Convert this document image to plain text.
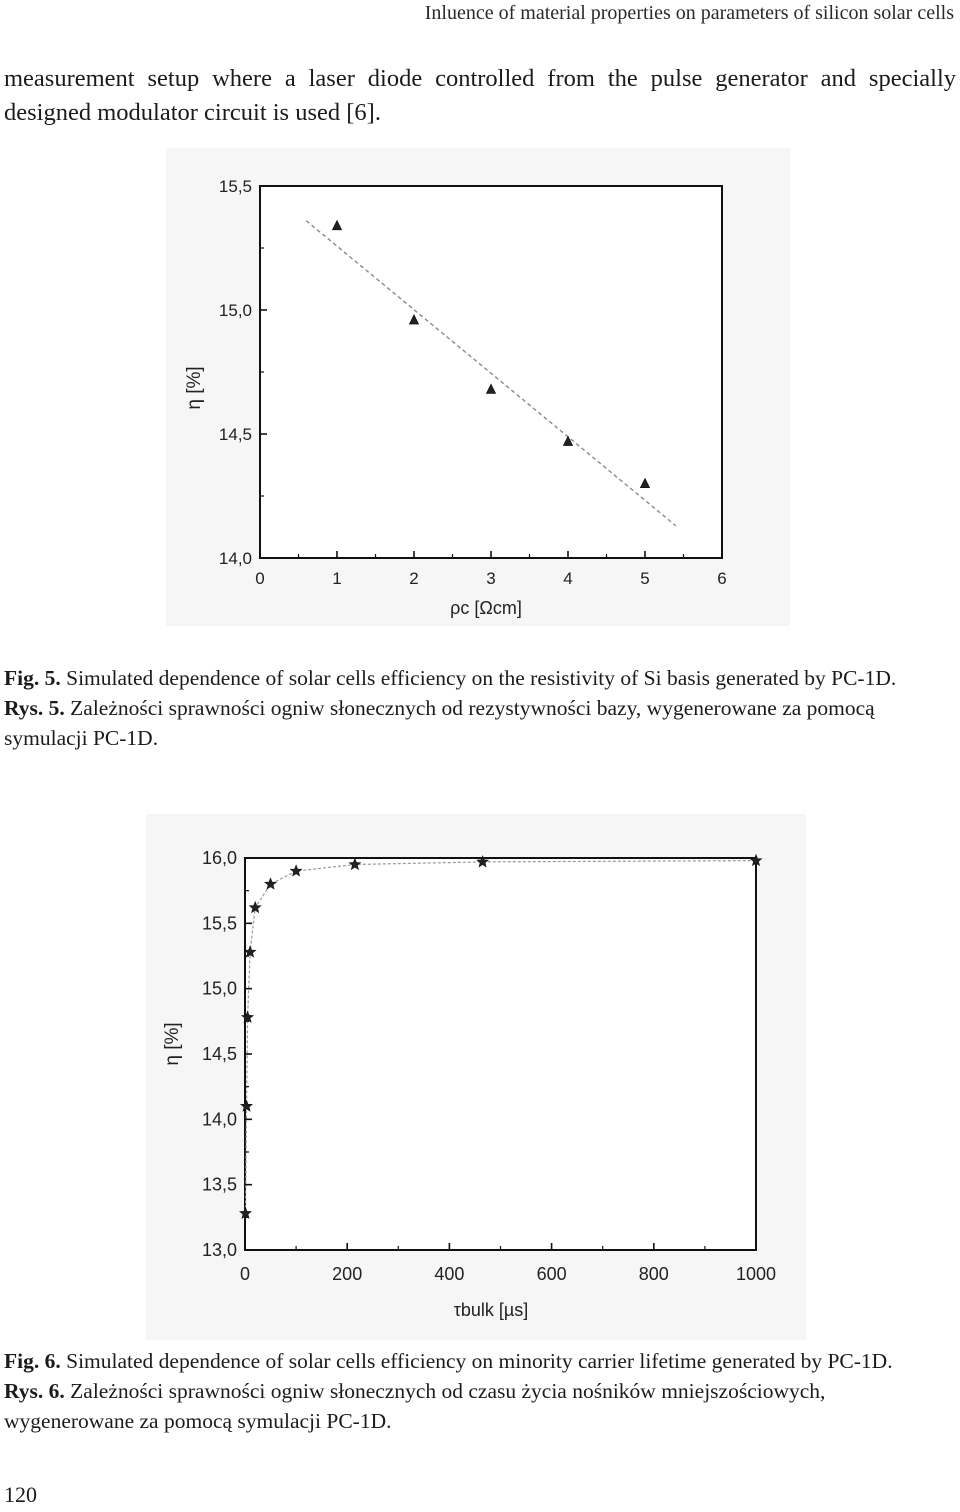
Inluence of material properties on parameters of silicon solar cells
measurement setup where a laser diode controlled from the pulse generator and specially designed modulator circuit is used [6].
0	1	2	3	4	5	6
14,0
14,5
15,0
15,5
η [%]
ρc [Ωcm]

Fig. 5. Simulated dependence of solar cells efficiency on the resistivity of Si basis generated by PC-1D.

Rys. 5. Zależności sprawności ogniw słonecznych od rezystywności bazy, wygenerowane za pomocą symulacji PC-1D.

0	200	400	600	800	1000
13,0
13,5
14,0
14,5
15,0
15,5
16,0
η [%]
τbulk [µs]

Fig. 6. Simulated dependence of solar cells efficiency on minority carrier lifetime generated by PC-1D.

Rys. 6. Zależności sprawności ogniw słonecznych od czasu życia nośników mniejszościowych, wygenerowane za pomocą symulacji PC-1D.

120
